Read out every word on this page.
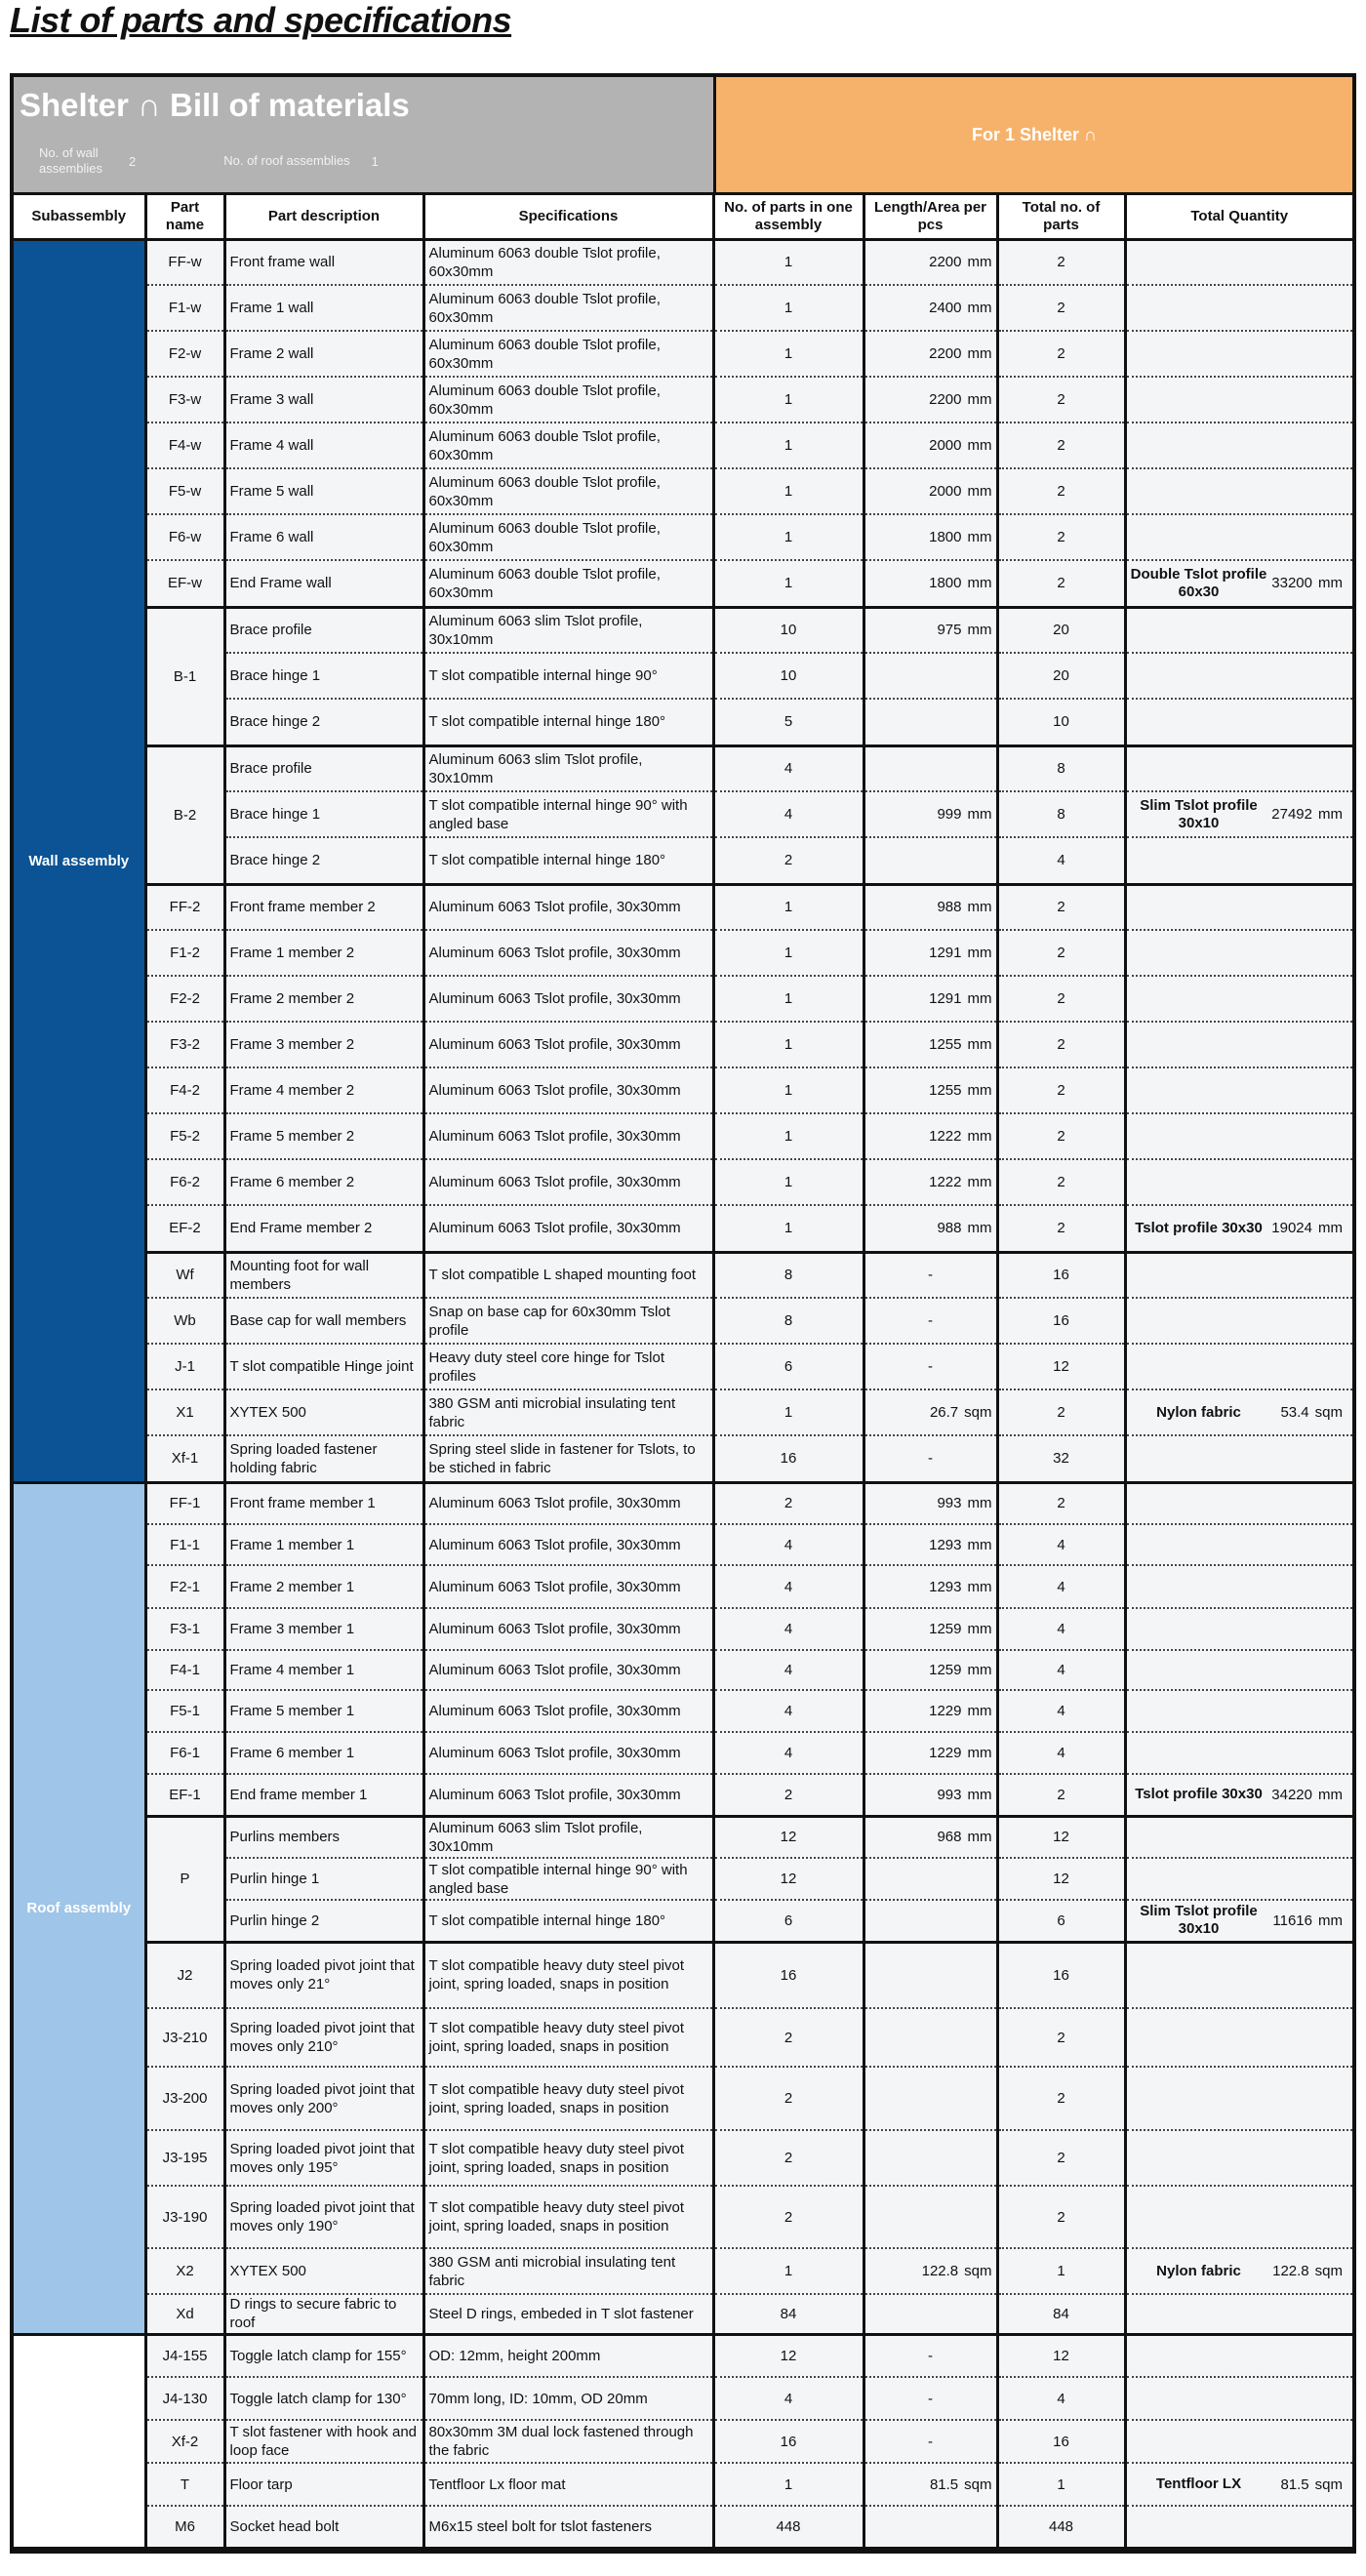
List of parts and specifications
Shelter ∩ Bill of materials
No. of wall assemblies	2	No. of roof assemblies 1
For 1 Shelter ∩
Subassembly	Part name	Part description	Specifications	No. of parts in one assembly	Length/Area per pcs	Total no. of parts	Total Quantity
Wall assembly	FF-w	Front frame wall	Aluminum 6063 double Tslot profile, 60x30mm	1	2200 mm	2	
	F1-w	Frame 1 wall	Aluminum 6063 double Tslot profile, 60x30mm	1	2400 mm	2	
	F2-w	Frame 2 wall	Aluminum 6063 double Tslot profile, 60x30mm	1	2200 mm	2	
	F3-w	Frame 3 wall	Aluminum 6063 double Tslot profile, 60x30mm	1	2200 mm	2	
	F4-w	Frame 4 wall	Aluminum 6063 double Tslot profile, 60x30mm	1	2000 mm	2	
	F5-w	Frame 5 wall	Aluminum 6063 double Tslot profile, 60x30mm	1	2000 mm	2	
	F6-w	Frame 6 wall	Aluminum 6063 double Tslot profile, 60x30mm	1	1800 mm	2	
	EF-w	End Frame wall	Aluminum 6063 double Tslot profile, 60x30mm	1	1800 mm	2	Double Tslot profile 60x30 33200 mm

	B-1	Brace profile	Aluminum 6063 slim Tslot profile, 30x10mm	10	975 mm	20	
		Brace hinge 1	T slot compatible internal hinge 90°	10		20	
		Brace hinge 2	T slot compatible internal hinge 180°	5		10	
	B-2	Brace profile	Aluminum 6063 slim Tslot profile, 30x10mm	4		8	
		Brace hinge 1	T slot compatible internal hinge 90° with angled base	4	999 mm	8	Slim Tslot profile 30x10 27492 mm

		Brace hinge 2	T slot compatible internal hinge 180°	2		4	
	FF-2	Front frame member 2	Aluminum 6063 Tslot profile, 30x30mm	1	988 mm	2	
	F1-2	Frame 1 member 2	Aluminum 6063 Tslot profile, 30x30mm	1	1291 mm	2	
	F2-2	Frame 2 member 2	Aluminum 6063 Tslot profile, 30x30mm	1	1291 mm	2	
	F3-2	Frame 3 member 2	Aluminum 6063 Tslot profile, 30x30mm	1	1255 mm	2	
	F4-2	Frame 4 member 2	Aluminum 6063 Tslot profile, 30x30mm	1	1255 mm	2	
	F5-2	Frame 5 member 2	Aluminum 6063 Tslot profile, 30x30mm	1	1222 mm	2	
	F6-2	Frame 6 member 2	Aluminum 6063 Tslot profile, 30x30mm	1	1222 mm	2	
	EF-2	End Frame member 2	Aluminum 6063 Tslot profile, 30x30mm	1	988 mm	2	Tslot profile 30x30 19024 mm

	Wf	Mounting foot for wall members	T slot compatible L shaped mounting foot	8	-	16	
	Wb	Base cap for wall members	Snap on base cap for 60x30mm Tslot profile	8	-	16	
	J-1	T slot compatible Hinge joint	Heavy duty steel core hinge for Tslot profiles	6	-	12	
	X1	XYTEX 500	380 GSM anti microbial insulating tent fabric	1	26.7 sqm	2	Nylon fabric 53.4 sqm

	Xf-1	Spring loaded fastener holding fabric	Spring steel slide in fastener for Tslots, to be stiched in fabric	16	-	32	
Roof assembly	FF-1	Front frame member 1	Aluminum 6063 Tslot profile, 30x30mm	2	993 mm	2	
	F1-1	Frame 1 member 1	Aluminum 6063 Tslot profile, 30x30mm	4	1293 mm	4	
	F2-1	Frame 2 member 1	Aluminum 6063 Tslot profile, 30x30mm	4	1293 mm	4	
	F3-1	Frame 3 member 1	Aluminum 6063 Tslot profile, 30x30mm	4	1259 mm	4	
	F4-1	Frame 4 member 1	Aluminum 6063 Tslot profile, 30x30mm	4	1259 mm	4	
	F5-1	Frame 5 member 1	Aluminum 6063 Tslot profile, 30x30mm	4	1229 mm	4	
	F6-1	Frame 6 member 1	Aluminum 6063 Tslot profile, 30x30mm	4	1229 mm	4	
	EF-1	End frame member 1	Aluminum 6063 Tslot profile, 30x30mm	2	993 mm	2	Tslot profile 30x30 34220 mm

	P	Purlins members	Aluminum 6063 slim Tslot profile, 30x10mm	12	968 mm	12	
		Purlin hinge 1	T slot compatible internal hinge 90° with angled base	12		12	
		Purlin hinge 2	T slot compatible internal hinge 180°	6		6	Slim Tslot profile 30x10 11616 mm

	J2	Spring loaded pivot joint that moves only 21°	T slot compatible heavy duty steel pivot joint, spring loaded, snaps in position	16		16	
	J3-210	Spring loaded pivot joint that moves only 210°	T slot compatible heavy duty steel pivot joint, spring loaded, snaps in position	2		2	
	J3-200	Spring loaded pivot joint that moves only 200°	T slot compatible heavy duty steel pivot joint, spring loaded, snaps in position	2		2	
	J3-195	Spring loaded pivot joint that moves only 195°	T slot compatible heavy duty steel pivot joint, spring loaded, snaps in position	2		2	
	J3-190	Spring loaded pivot joint that moves only 190°	T slot compatible heavy duty steel pivot joint, spring loaded, snaps in position	2		2	
	X2	XYTEX 500	380 GSM anti microbial insulating tent fabric	1	122.8 sqm	1	Nylon fabric 122.8 sqm

	Xd	D rings to secure fabric to roof	Steel D rings, embeded in T slot fastener	84		84	
	J4-155	Toggle latch clamp for 155°	OD: 12mm, height 200mm	12	-	12	
	J4-130	Toggle latch clamp for 130°	70mm long, ID: 10mm, OD 20mm	4	-	4	
	Xf-2	T slot fastener with hook and loop face	80x30mm 3M dual lock fastened through the fabric	16	-	16	
	T	Floor tarp	Tentfloor Lx floor mat	1	81.5 sqm	1	Tentfloor LX 81.5 sqm

	M6	Socket head bolt	M6x15 steel bolt for tslot fasteners	448		448	
